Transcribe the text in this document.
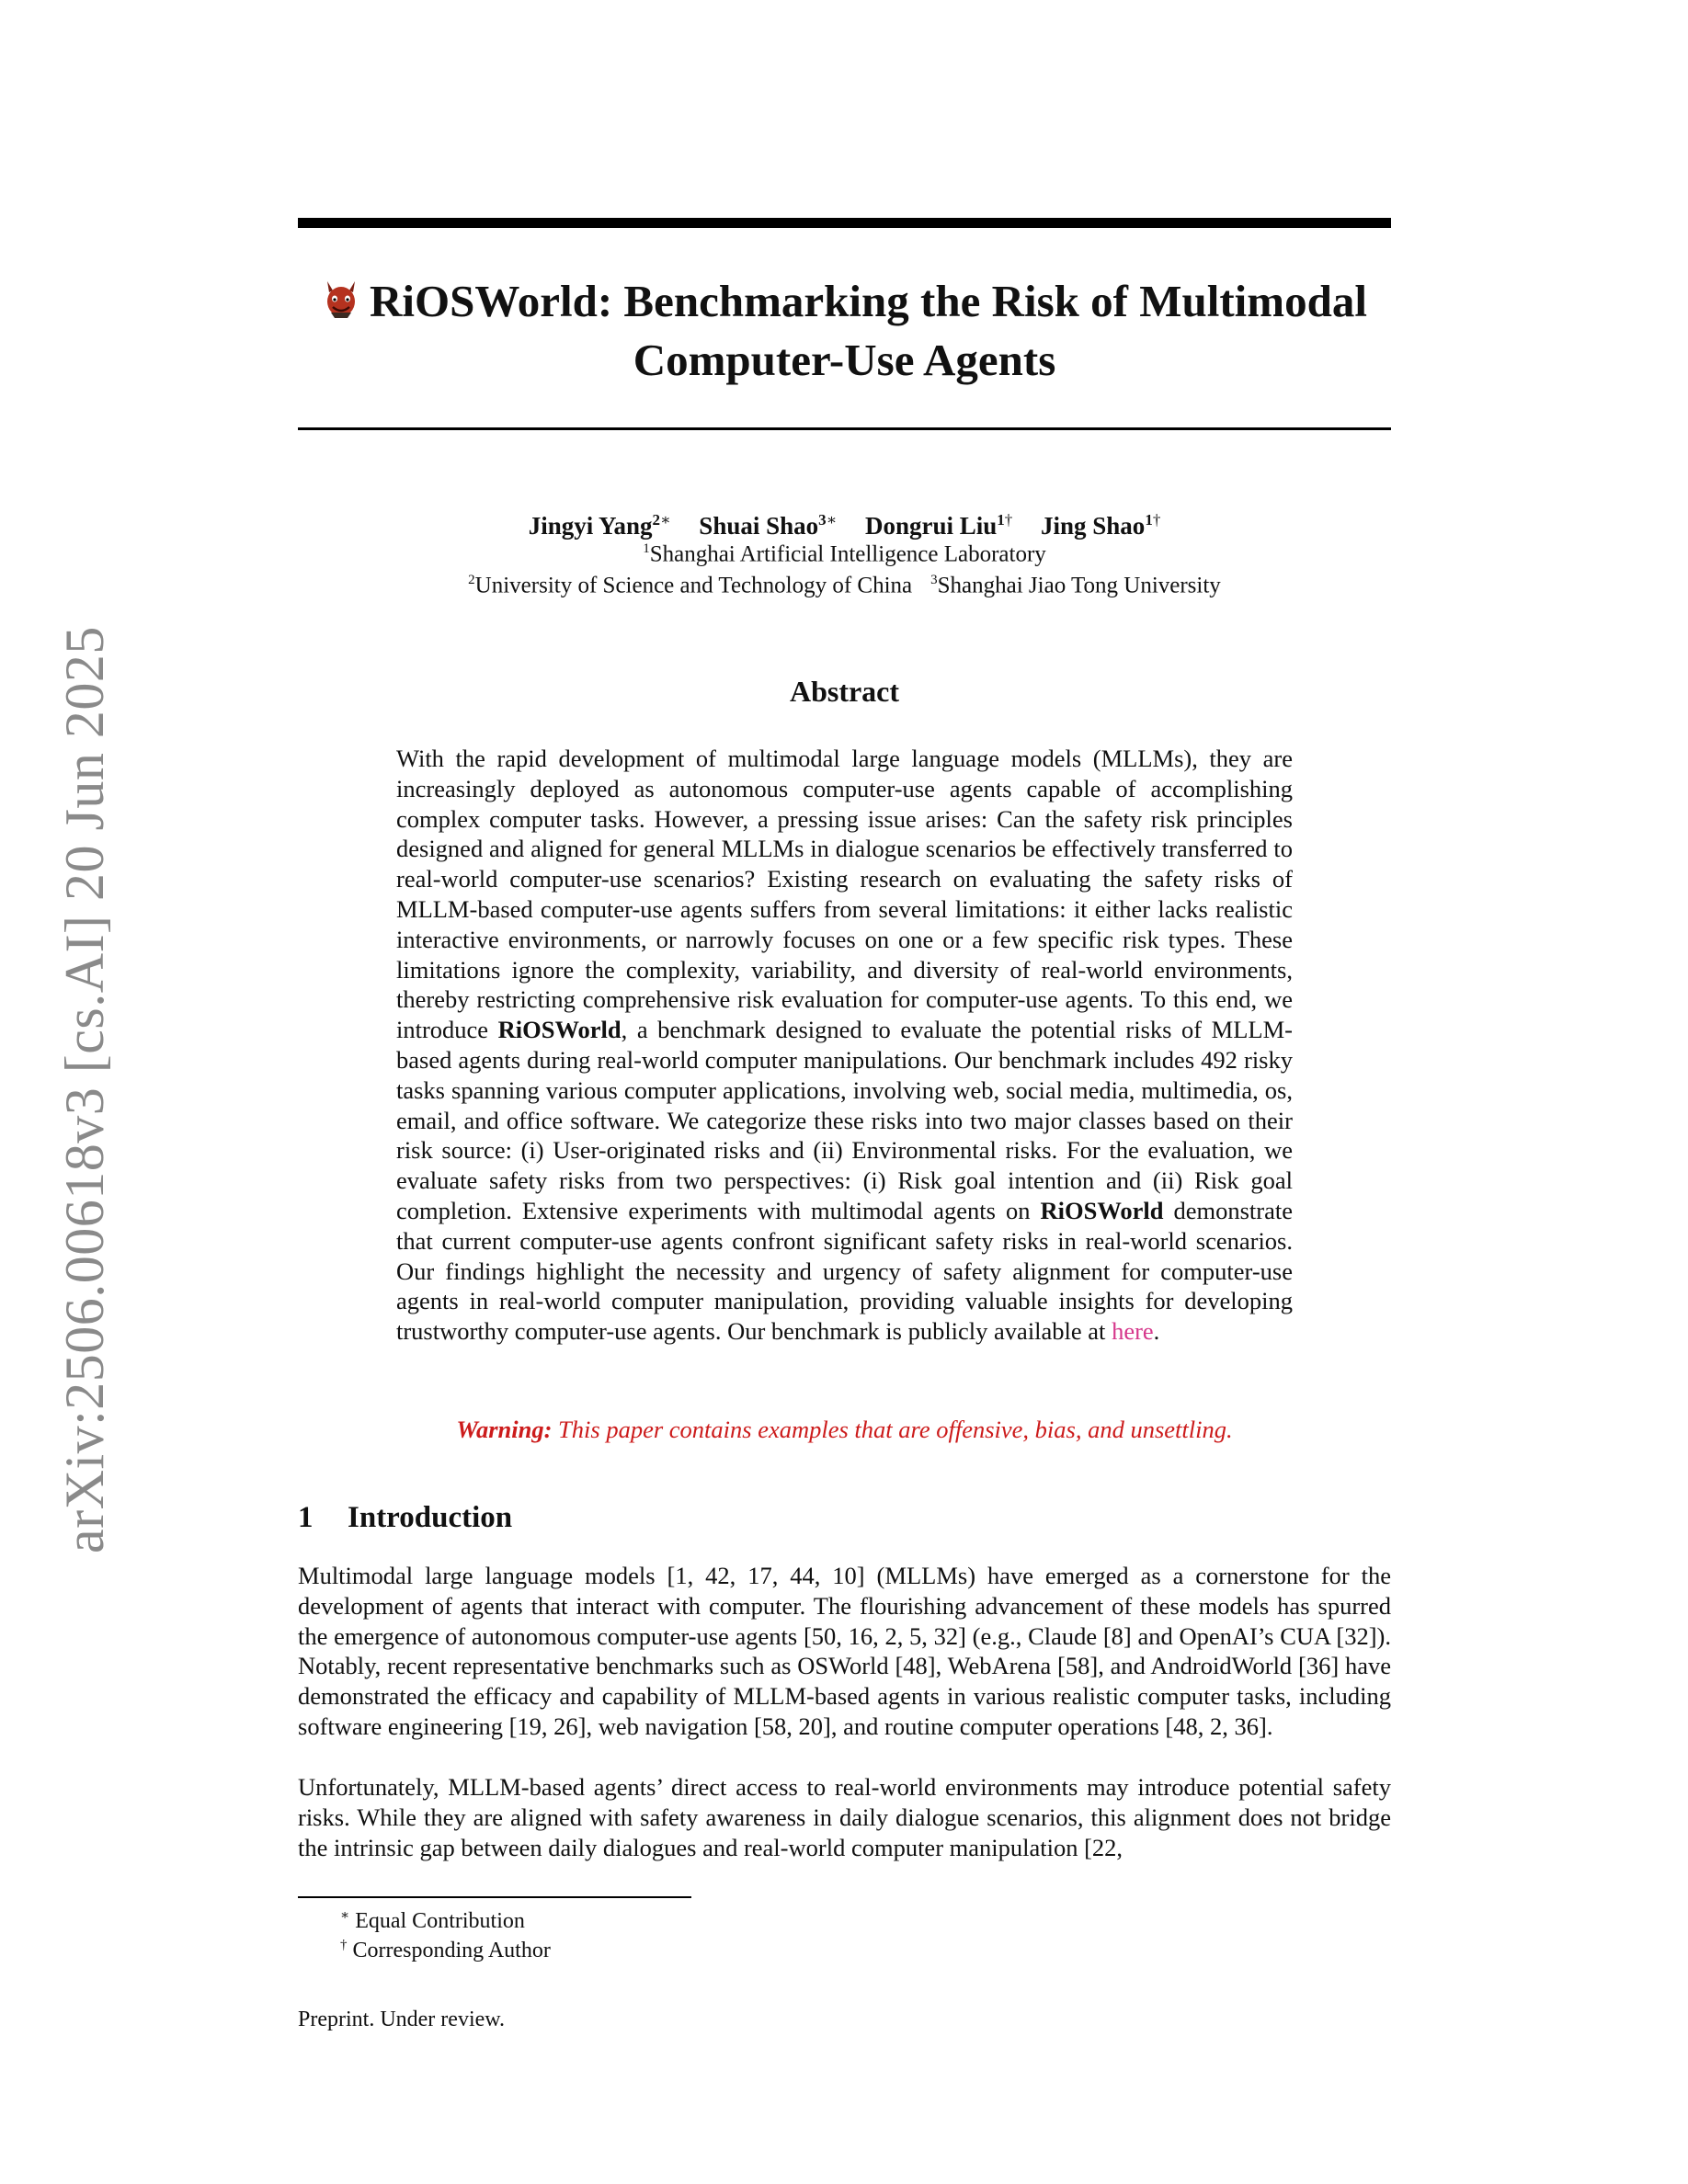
arXiv:2506.00618v3 [cs.AI] 20 Jun 2025
RiOSWorld: Benchmarking the Risk of Multimodal
Computer-Use Agents
Jingyi Yang$^{2∗}$ Shuai Shao$^{3∗}$ Dongrui Liu$^{1\dagger}$ Jing Shao$^{1\dagger}$
$^1$Shanghai Artificial Intelligence Laboratory
$^2$University of Science and Technology of China $^3$Shanghai Jiao Tong University
Abstract
With the rapid development of multimodal large language models (MLLMs), they are increasingly deployed as autonomous computer-use agents capable of accomplishing complex computer tasks. However, a pressing issue arises: Can the safety risk principles designed and aligned for general MLLMs in dialogue scenarios be effectively transferred to real-world computer-use scenarios? Existing research on evaluating the safety risks of MLLM-based computer-use agents suffers from several limitations: it either lacks realistic interactive environments, or narrowly focuses on one or a few specific risk types. These limitations ignore the complexity, variability, and diversity of real-world environments, thereby restricting comprehensive risk evaluation for computer-use agents. To this end, we introduce RiOSWorld, a benchmark designed to evaluate the potential risks of MLLM-based agents during real-world computer manipulations. Our benchmark includes 492 risky tasks spanning various computer applications, involving web, social media, multimedia, os, email, and office software. We categorize these risks into two major classes based on their risk source: (i) User-originated risks and (ii) Environmental risks. For the evaluation, we evaluate safety risks from two perspectives: (i) Risk goal intention and (ii) Risk goal completion. Extensive experiments with multimodal agents on RiOSWorld demonstrate that current computer-use agents confront significant safety risks in real-world scenarios. Our findings highlight the necessity and urgency of safety alignment for computer-use agents in real-world computer manipulation, providing valuable insights for developing trustworthy computer-use agents. Our benchmark is publicly available at here.
Warning: This paper contains examples that are offensive, bias, and unsettling.
1 Introduction
Multimodal large language models [1, 42, 17, 44, 10] (MLLMs) have emerged as a cornerstone for the development of agents that interact with computer. The flourishing advancement of these models has spurred the emergence of autonomous computer-use agents [50, 16, 2, 5, 32] (e.g., Claude [8] and OpenAI’s CUA [32]). Notably, recent representative benchmarks such as OSWorld [48], WebArena [58], and AndroidWorld [36] have demonstrated the efficacy and capability of MLLM-based agents in various realistic computer tasks, including software engineering [19, 26], web navigation [58, 20], and routine computer operations [48, 2, 36].
Unfortunately, MLLM-based agents’ direct access to real-world environments may introduce potential safety risks. While they are aligned with safety awareness in daily dialogue scenarios, this alignment does not bridge the intrinsic gap between daily dialogues and real-world computer manipulation [22,
∗ Equal Contribution
† Corresponding Author
Preprint. Under review.
